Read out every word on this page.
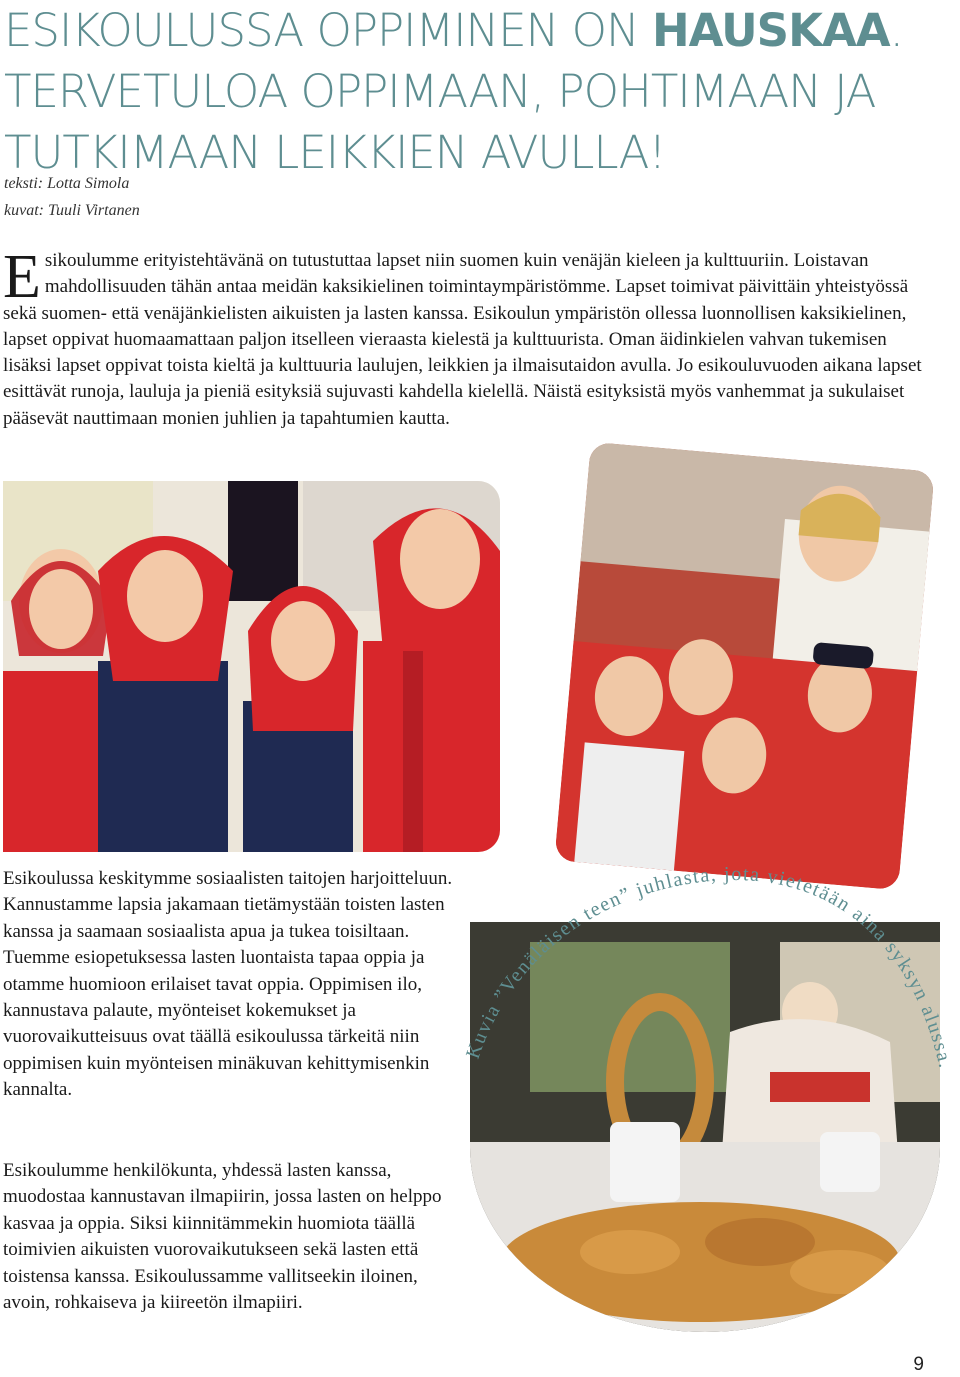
ESIKOULUSSA OPPIMINEN ON HAUSKAA.
TERVETULOA OPPIMAAN, POHTIMAAN JA
TUTKIMAAN LEIKKIEN AVULLA!
teksti: Lotta Simola
kuvat: Tuuli Virtanen

Esikoulumme erityistehtävänä on tutustuttaa lapset niin suomen kuin venäjän kieleen ja kulttuuriin. Loistavan mahdollisuuden tähän antaa meidän kaksikielinen toimintaympäristömme. Lapset toimivat päivittäin yhteistyössä sekä suomen- että venäjänkielisten aikuisten ja lasten kanssa. Esikoulun ympäristön ollessa luonnollisen kaksikielinen, lapset oppivat huomaamattaan paljon itselleen vieraasta kielestä ja kulttuurista. Oman äidinkielen vahvan tukemisen lisäksi lapset oppivat toista kieltä ja kulttuuria laulujen, leikkien ja ilmaisutaidon avulla. Jo esikouluvuoden aikana lapset esittävät runoja, lauluja ja pieniä esityksiä sujuvasti kahdella kielellä. Näistä esityksistä myös vanhemmat ja sukulaiset pääsevät nauttimaan monien juhlien ja tapahtumien kautta.

Esikoulussa keskitymme sosiaalisten taitojen harjoitteluun. Kannustamme lapsia jakamaan tietämystään toisten lasten kanssa ja saamaan sosiaalista apua ja tukea toisiltaan. Tuemme esiopetuksessa lasten luontaista tapaa oppia ja otamme huomioon erilaiset tavat oppia. Oppimisen ilo, kannustava palaute, myönteiset kokemukset ja vuorovaikutteisuus ovat täällä esikoulussa tärkeitä niin oppimisen kuin myönteisen minäkuvan kehittymisenkin kannalta.

Esikoulumme henkilökunta, yhdessä lasten kanssa, muodostaa kannustavan ilmapiirin, jossa lasten on helppo kasvaa ja oppia. Siksi kiinnitämmekin huomiota täällä toimivien aikuisten vuorovaikutukseen sekä lasten että toistensa kanssa. Esikoulussamme vallitseekin iloinen, avoin, rohkaiseva ja kiireetön ilmapiiri.

Kuvia ”Venäläisen teen” juhlasta, jota vietetään aina syksyn alussa.
9
